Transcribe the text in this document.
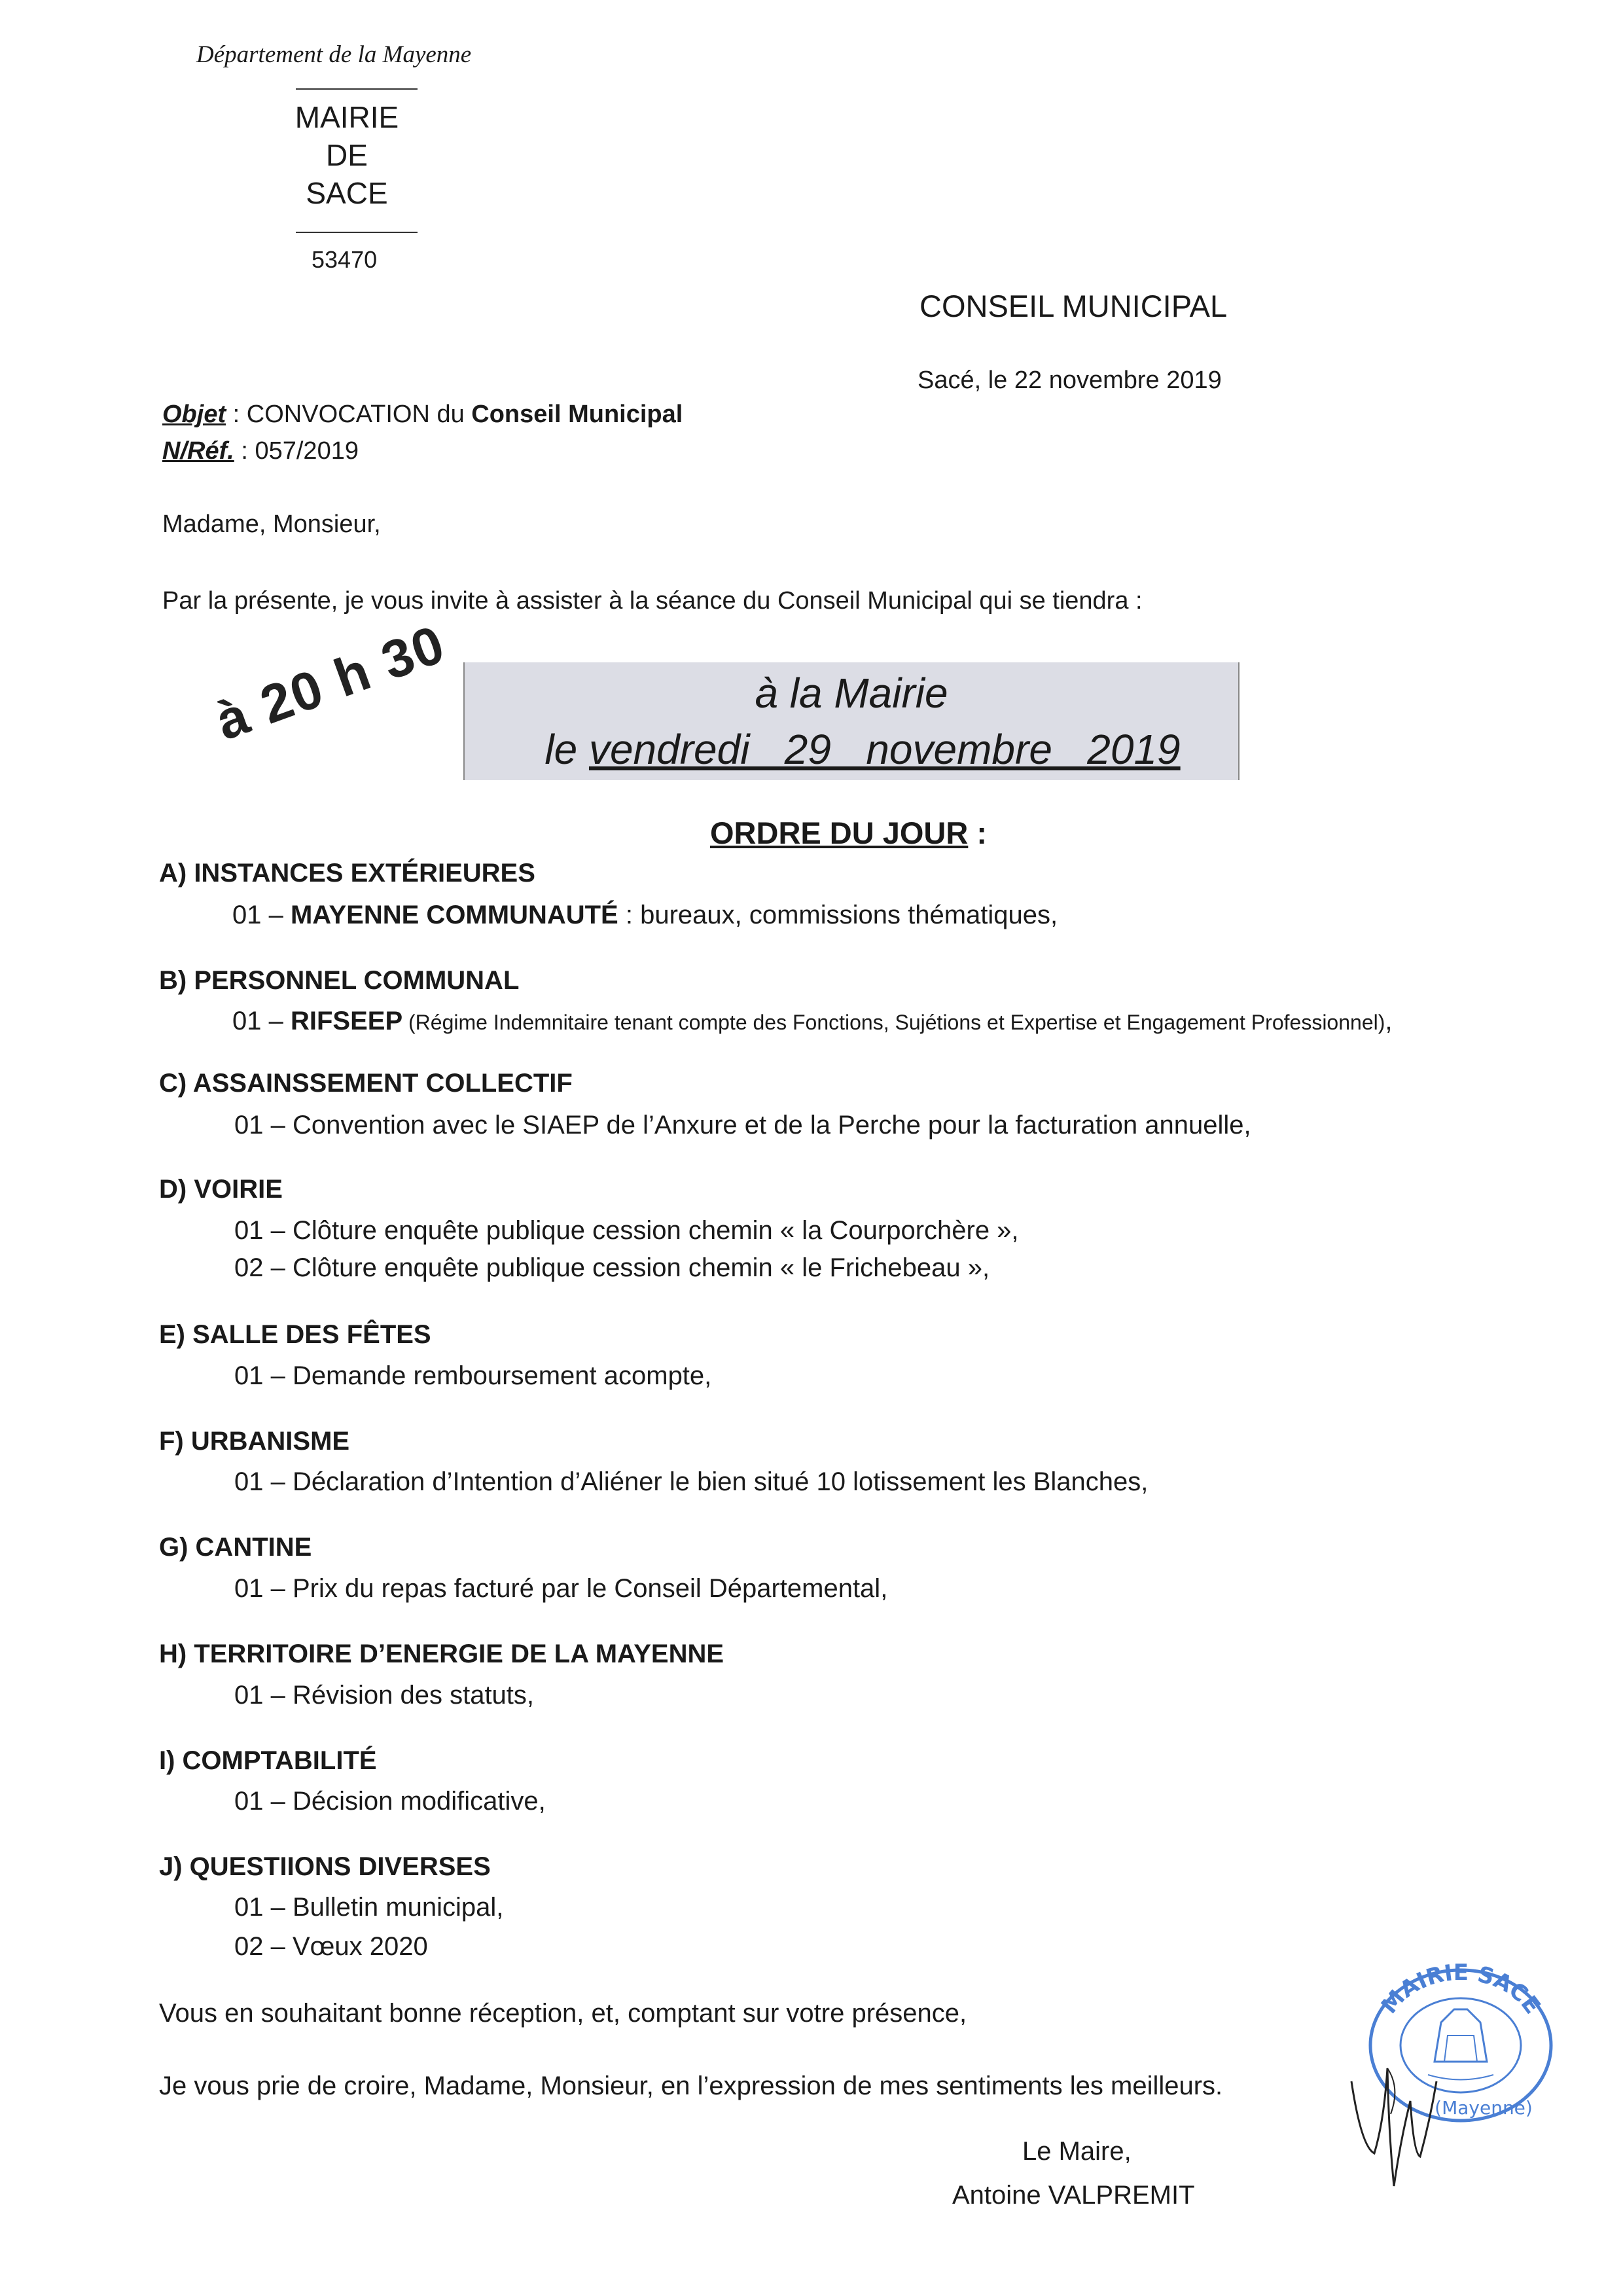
Département de la Mayenne
MAIRIE
DE
SACE
53470
CONSEIL MUNICIPAL
Sacé, le 22 novembre 2019
Objet : CONVOCATION du Conseil Municipal
N/Réf. : 057/2019
Madame, Monsieur,
Par la présente, je vous invite à assister à la séance du Conseil Municipal qui se tiendra :
à 20 h 30	à la Mairie
le vendredi   29   novembre   2019
ORDRE DU JOUR :
A) INSTANCES EXTÉRIEURES
01 – MAYENNE COMMUNAUTÉ : bureaux, commissions thématiques,
B) PERSONNEL COMMUNAL
01 – RIFSEEP (Régime Indemnitaire tenant compte des Fonctions, Sujétions et Expertise et Engagement Professionnel),
C) ASSAINSSEMENT COLLECTIF
01 – Convention avec le SIAEP de l’Anxure et de la Perche pour la facturation annuelle,
D) VOIRIE
01 – Clôture enquête publique cession chemin « la Courporchère »,
02 – Clôture enquête publique cession chemin « le Frichebeau »,
E) SALLE DES FÊTES
01 – Demande remboursement acompte,
F) URBANISME
01 – Déclaration d’Intention d’Aliéner le bien situé 10 lotissement les Blanches,
G) CANTINE
01 – Prix du repas facturé par le Conseil Départemental,
H) TERRITOIRE D’ENERGIE DE LA MAYENNE
01 – Révision des statuts,
I) COMPTABILITÉ
01 – Décision modificative,
J) QUESTIIONS DIVERSES
01 – Bulletin municipal,
02 – Vœux 2020
Vous en souhaitant bonne réception, et, comptant sur votre présence,
Je vous prie de croire, Madame, Monsieur, en l’expression de mes sentiments les meilleurs.
Le Maire,
Antoine VALPREMIT
MAIRIE SACE
(Mayenne)
